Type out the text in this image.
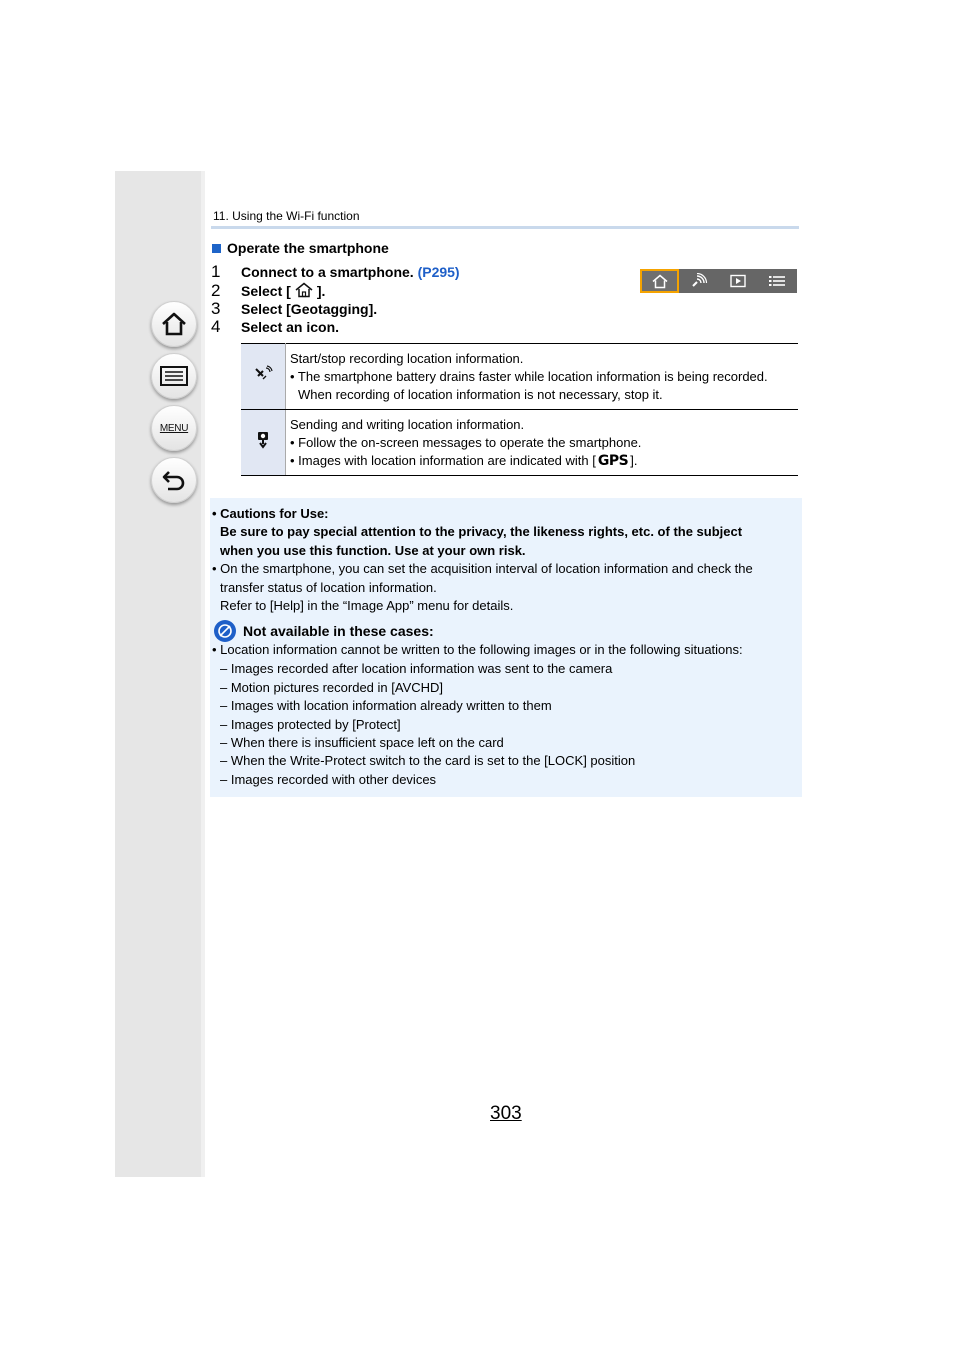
MENU
11. Using the Wi-Fi function
Operate the smartphone
1	Connect to a smartphone.
(P295)
2	Select [ ].
3	Select [Geotagging].
4	Select an icon.

Start/stop recording location information.
• The smartphone battery drains faster while location information is being recorded.
When recording of location information is not necessary, stop it.

Sending and writing location information.
• Follow the on-screen messages to operate the smartphone.
• Images with location information are indicated with [ GPS ].
• Cautions for Use:
Be sure to pay special attention to the privacy, the likeness rights, etc. of the subject
when you use this function. Use at your own risk.
• On the smartphone, you can set the acquisition interval of location information and check the
transfer status of location information.
Refer to [Help] in the “Image App” menu for details.
Not available in these cases:
• Location information cannot be written to the following images or in the following situations:
– Images recorded after location information was sent to the camera
– Motion pictures recorded in [AVCHD]
– Images with location information already written to them
– Images protected by [Protect]
– When there is insufficient space left on the card
– When the Write-Protect switch to the card is set to the [LOCK] position
– Images recorded with other devices
303
